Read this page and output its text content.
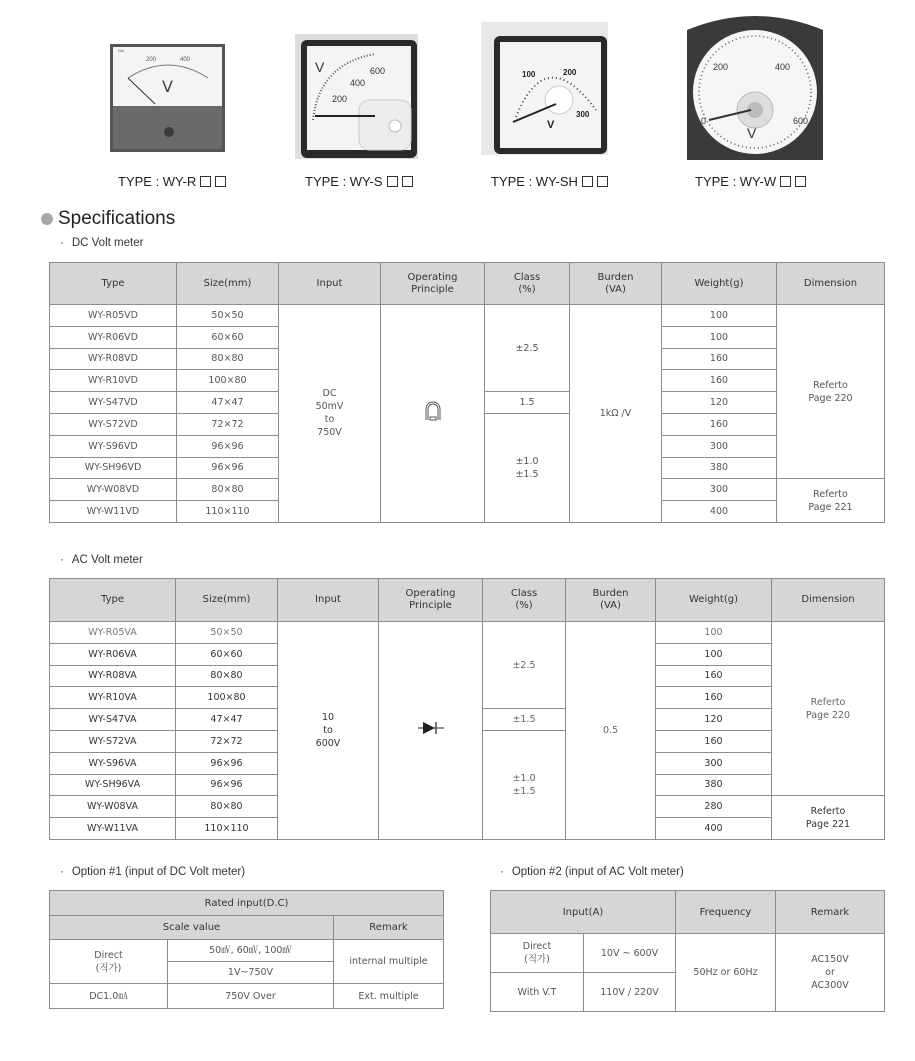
V
200	400
Wa
TYPE : WY-R
V
200
400
600
TYPE : WY-S
100	200
300
V
TYPE : WY-SH
200	400
0	600
V
TYPE : WY-W
Specifications
· DC Volt meter
Type	Size(mm)	Input	Operating
Principle	Class
(%)	Burden
(VA)	Weight(g)	Dimension
WY-R05VD	50×50	DC
50mV
to
750V		±2.5	1kΩ /V	100	Referto
Page 220
WY-R06VD	60×60					100	
WY-R08VD	80×80					160	
WY-R10VD	100×80					160	
WY-S47VD	47×47			1.5		120	
WY-S72VD	72×72			±1.0
±1.5		160	
WY-S96VD	96×96					300	
WY-SH96VD	96×96					380	
WY-W08VD	80×80					300	Referto
Page 221
WY-W11VD	110×110					400	
· AC Volt meter
Type	Size(mm)	Input	Operating
Principle	Class
(%)	Burden
(VA)	Weight(g)	Dimension
WY-R05VA	50×50	10
to
600V		±2.5	0.5	100	Referto
Page 220
WY-R06VA	60×60					100	
WY-R08VA	80×80					160	
WY-R10VA	100×80					160	
WY-S47VA	47×47			±1.5		120	
WY-S72VA	72×72			±1.0
±1.5		160	
WY-S96VA	96×96					300	
WY-SH96VA	96×96					380	
WY-W08VA	80×80					280	Referto
Page 221
WY-W11VA	110×110					400	
· Option #1 (input of DC Volt meter)	· Option #2 (input of AC Volt meter)
Rated input(D.C)		
Scale value		Remark
Direct
(직가)	50㎷, 60㎷, 100㎷	internal multiple
	1V~750V	
DC1.0㎃	750V Over	Ext. multiple
Input(A)		Frequency	Remark
Direct
(직가)	10V ~ 600V	50Hz or 60Hz	AC150V
or
AC300V
With V.T	110V / 220V		
